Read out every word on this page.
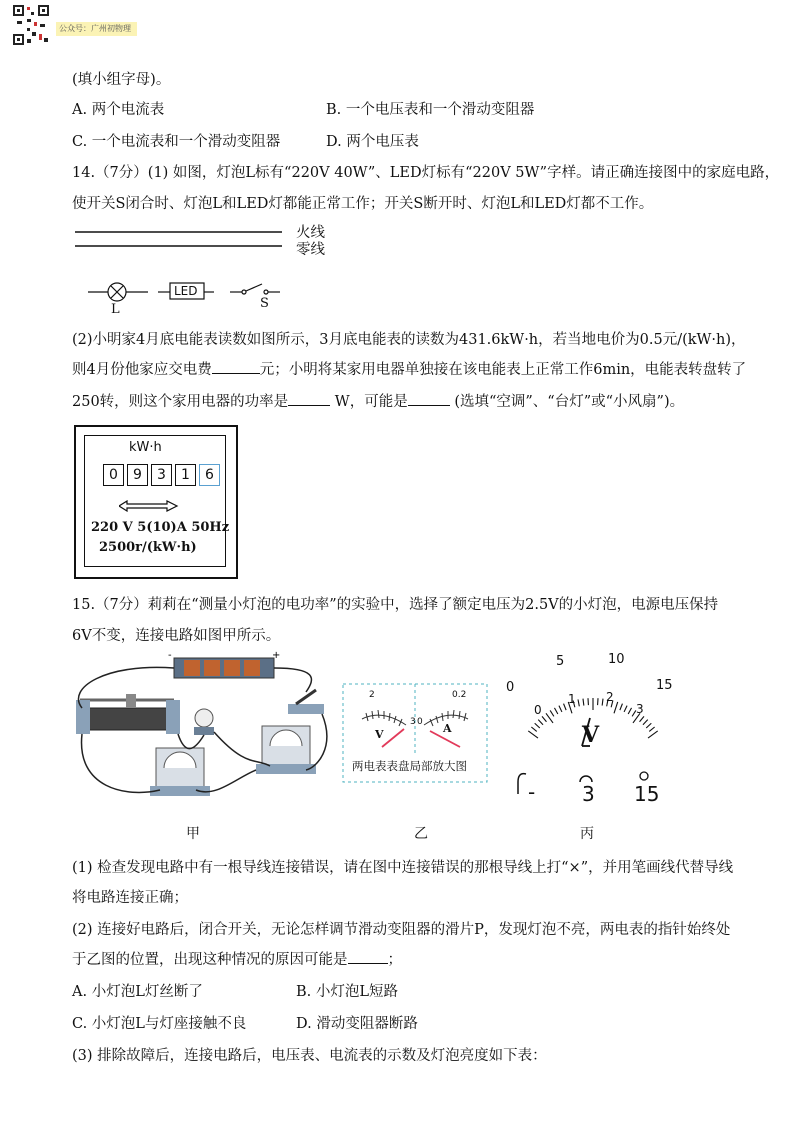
公众号：广州初物理
(填小组字母)。
A. 两个电流表	B. 一个电压表和一个滑动变阻器
C. 一个电流表和一个滑动变阻器	D. 两个电压表
14.（7分）(1) 如图，灯泡L标有“220V 40W”、LED灯标有“220V 5W”字样。请正确连接图中的家庭电路，
使开关S闭合时、灯泡L和LED灯都能正常工作；开关S断开时、灯泡L和LED灯都不工作。
火线
零线
L
LED
S
(2)小明家4月底电能表读数如图所示，3月底电能表的读数为431.6kW·h，若当地电价为0.5元/(kW·h)，
则4月份他家应交电费	元；小明将某家用电器单独接在该电能表上正常工作6min，电能表转盘转了
250转，则这个家用电器的功率是	W，可能是	(选填“空调”、“台灯”或“小风扇”)。
kW·h
0	9	3	1	6
220 V 5(10)A 50Hz
2500r/(kW·h)
15.（7分）莉莉在“测量小灯泡的电功率”的实验中，选择了额定电压为2.5V的小灯泡，电源电压保持
6V不变，连接电路如图甲所示。
-	+
2
3 0
0.2
V	A
两电表表盘局部放大图
0
5	10
15
0
1	2
3
V
- 3 15
甲	乙	丙
(1) 检查发现电路中有一根导线连接错误，请在图中连接错误的那根导线上打“×”，并用笔画线代替导线
将电路连接正确；
(2) 连接好电路后，闭合开关，无论怎样调节滑动变阻器的滑片P，发现灯泡不亮，两电表的指针始终处
于乙图的位置，出现这种情况的原因可能是	；
A. 小灯泡L灯丝断了	B. 小灯泡L短路
C. 小灯泡L与灯座接触不良	D. 滑动变阻器断路
(3) 排除故障后，连接电路后，电压表、电流表的示数及灯泡亮度如下表：
